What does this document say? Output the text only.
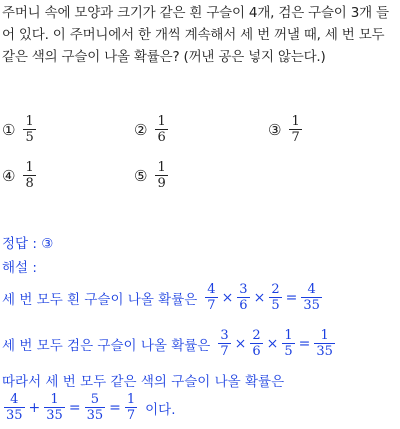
주머니 속에 모양과 크기가 같은 흰 구슬이 4개, 검은 구슬이 3개 들어 있다. 이 주머니에서 한 개씩 계속해서 세 번 꺼낼 때, 세 번 모두 같은 색의 구슬이 나올 확률은? (꺼낸 공은 넣지 않는다.)
① $\frac{1}{5}$	② $\frac{1}{6}$	③ $\frac{1}{7}$
④ $\frac{1}{8}$	⑤ $\frac{1}{9}$
정답 : ③
해설 :
세 번 모두 흰 구슬이 나올 확률은 $\frac{4}{7} \times \frac{3}{6} \times \frac{2}{5} = \frac{4}{35}$
세 번 모두 검은 구슬이 나올 확률은 $\frac{3}{7} \times \frac{2}{6} \times \frac{1}{5} = \frac{1}{35}$
따라서 세 번 모두 같은 색의 구슬이 나올 확률은
$\frac{4}{35} + \frac{1}{35} = \frac{5}{35} = \frac{1}{7}$ 이다.
